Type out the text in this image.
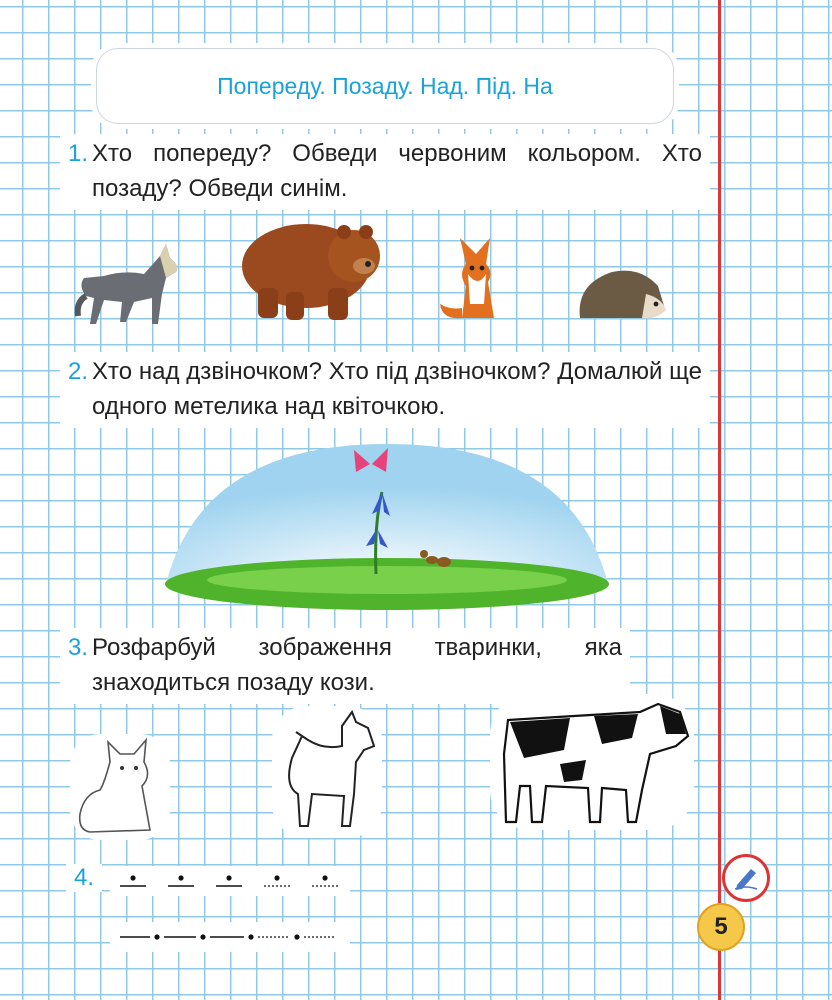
Попереду. Позаду. Над. Під. На
1. Хто попереду? Обведи червоним кольором. Хто позаду? Обведи синім.
2. Хто над дзвіночком? Хто під дзвіночком? Домалюй ще одного метелика над квіточкою.
3. Розфарбуй зображення тваринки, яка знаходиться позаду кози.
4.
5
